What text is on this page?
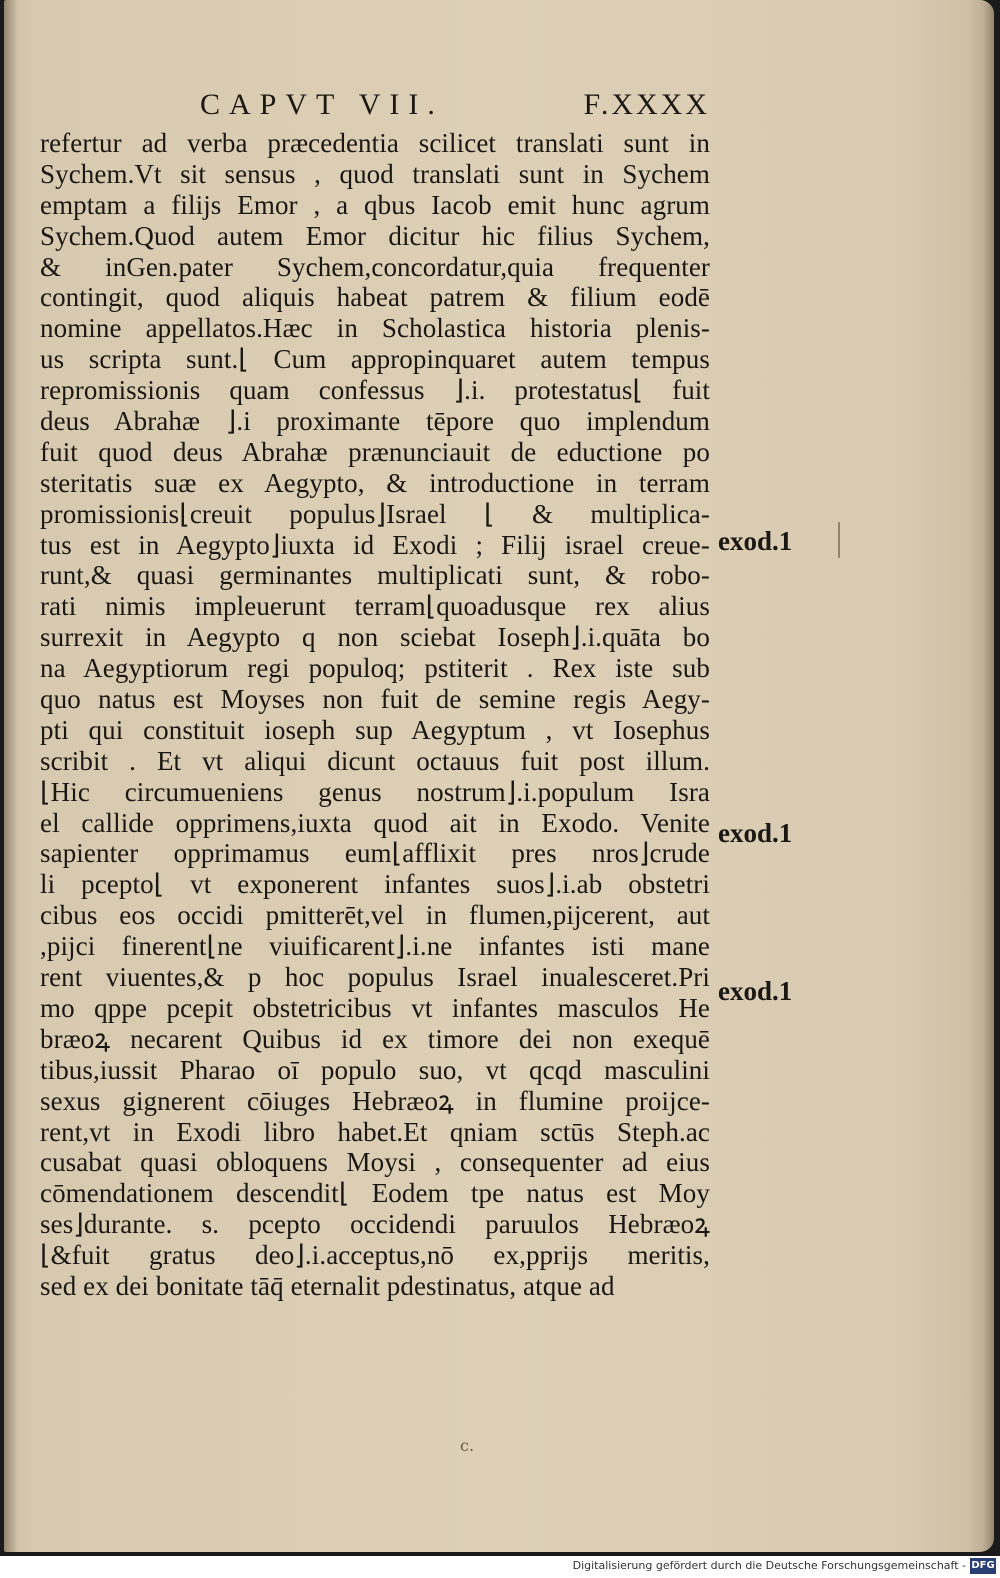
CAPVT VII.	F.XXXX
refertur ad verba præcedentia scilicet translati sunt in
Sychem.Vt sit sensus , quod translati sunt in Sychem
emptam a filijs Emor , a qbus Iacob emit hunc agrum
Sychem.Quod autem Emor dicitur hic filius Sychem,
& inGen.pater Sychem,concordatur,quia frequenter
contingit, quod aliquis habeat patrem & filium eodē
nomine appellatos.Hæc in Scholastica historia plenis-
us scripta sunt.⌊ Cum appropinquaret autem tempus
repromissionis quam confessus ⌋.i. protestatus⌊ fuit
deus Abrahæ ⌋.i proximante tēpore quo implendum
fuit quod deus Abrahæ prænunciauit de eductione po
steritatis suæ ex Aegypto, & introductione in terram
promissionis⌊creuit populus⌋Israel ⌊ & multiplica-
tus est in Aegypto⌋iuxta id Exodi ; Filij israel creue-
runt,& quasi germinantes multiplicati sunt, & robo-
rati nimis impleuerunt terram⌊quoadusque rex alius
surrexit in Aegypto q non sciebat Ioseph⌋.i.quāta bo
na Aegyptiorum regi populoq; pstiterit . Rex iste sub
quo natus est Moyses non fuit de semine regis Aegy-
pti qui constituit ioseph sup Aegyptum , vt Iosephus
scribit . Et vt aliqui dicunt octauus fuit post illum.
⌊Hic circumueniens genus nostrum⌋.i.populum Isra
el callide opprimens,iuxta quod ait in Exodo. Venite
sapienter opprimamus eum⌊afflixit pres nros⌋crude
li pcepto⌊ vt exponerent infantes suos⌋.i.ab obstetri
cibus eos occidi pmitterēt,vel in flumen,pijcerent, aut
,pijci finerent⌊ne viuificarent⌋.i.ne infantes isti mane
rent viuentes,& p hoc populus Israel inualesceret.Pri
mo qppe pcepit obstetricibus vt infantes masculos He
bræoꝝ necarent Quibus id ex timore dei non exequē
tibus,iussit Pharao oī populo suo, vt qcqd masculini
sexus gignerent cōiuges Hebræoꝝ in flumine proijce-
rent,vt in Exodi libro habet.Et qniam sctūs Steph.ac
cusabat quasi obloquens Moysi , consequenter ad eius
cōmendationem descendit⌊ Eodem tpe natus est Moy
ses⌋durante. s. pcepto occidendi paruulos Hebræoꝝ
⌊&fuit gratus deo⌋.i.acceptus,nō ex,pprijs meritis,
sed ex dei bonitate tāq̄ eternalit pdestinatus, atque ad
exod.1
exod.1
exod.1
c.
Digitalisierung gefördert durch die Deutsche Forschungsgemeinschaft - DFG
